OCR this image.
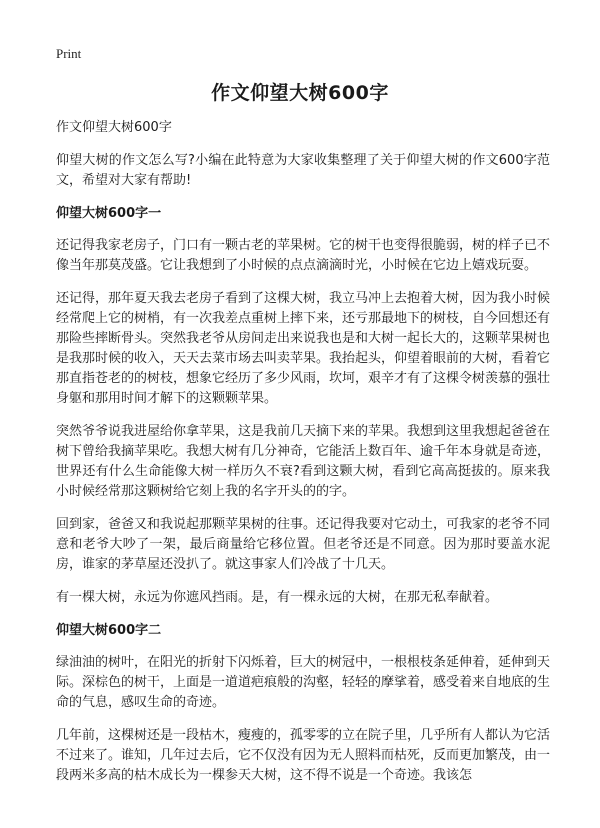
Print
作文仰望大树600字
作文仰望大树600字

仰望大树的作文怎么写?小编在此特意为大家收集整理了关于仰望大树的作文600字范文，希望对大家有帮助!

仰望大树600字一

还记得我家老房子，门口有一颗古老的苹果树。它的树干也变得很脆弱，树的样子已不像当年那莫茂盛。它让我想到了小时候的点点滴滴时光，小时候在它边上嬉戏玩耍。

还记得，那年夏天我去老房子看到了这棵大树，我立马冲上去抱着大树，因为我小时候经常爬上它的树梢，有一次我差点重树上摔下来，还亏那最地下的树枝，自今回想还有那险些摔断骨头。突然我老爷从房间走出来说我也是和大树一起长大的，这颗苹果树也是我那时候的收入，天天去菜市场去叫卖苹果。我抬起头，仰望着眼前的大树，看着它那直指苍老的的树枝，想象它经历了多少风雨，坎坷，艰辛才有了这棵令树羡慕的强壮身躯和那用时间才解下的这颗颗苹果。

突然爷爷说我进屋给你拿苹果，这是我前几天摘下来的苹果。我想到这里我想起爸爸在树下曾给我摘苹果吃。我想大树有几分神奇，它能活上数百年、逾千年本身就是奇迹，世界还有什么生命能像大树一样历久不衰?看到这颗大树，看到它高高挺拔的。原来我小时候经常那这颗树给它刻上我的名字开头的的字。

回到家，爸爸又和我说起那颗苹果树的往事。还记得我要对它动土，可我家的老爷不同意和老爷大吵了一架，最后商量给它移位置。但老爷还是不同意。因为那时要盖水泥房，谁家的茅草屋还没扒了。就这事家人们冷战了十几天。

有一棵大树，永远为你遮风挡雨。是，有一棵永远的大树，在那无私奉献着。

仰望大树600字二

绿油油的树叶，在阳光的折射下闪烁着，巨大的树冠中，一根根枝条延伸着，延伸到天际。深棕色的树干，上面是一道道疤痕般的沟壑，轻轻的摩挲着，感受着来自地底的生命的气息，感叹生命的奇迹。

几年前，这棵树还是一段枯木，瘦瘦的，孤零零的立在院子里，几乎所有人都认为它活不过来了。谁知，几年过去后，它不仅没有因为无人照料而枯死，反而更加繁茂，由一段两米多高的枯木成长为一棵参天大树，这不得不说是一个奇迹。我该怎
